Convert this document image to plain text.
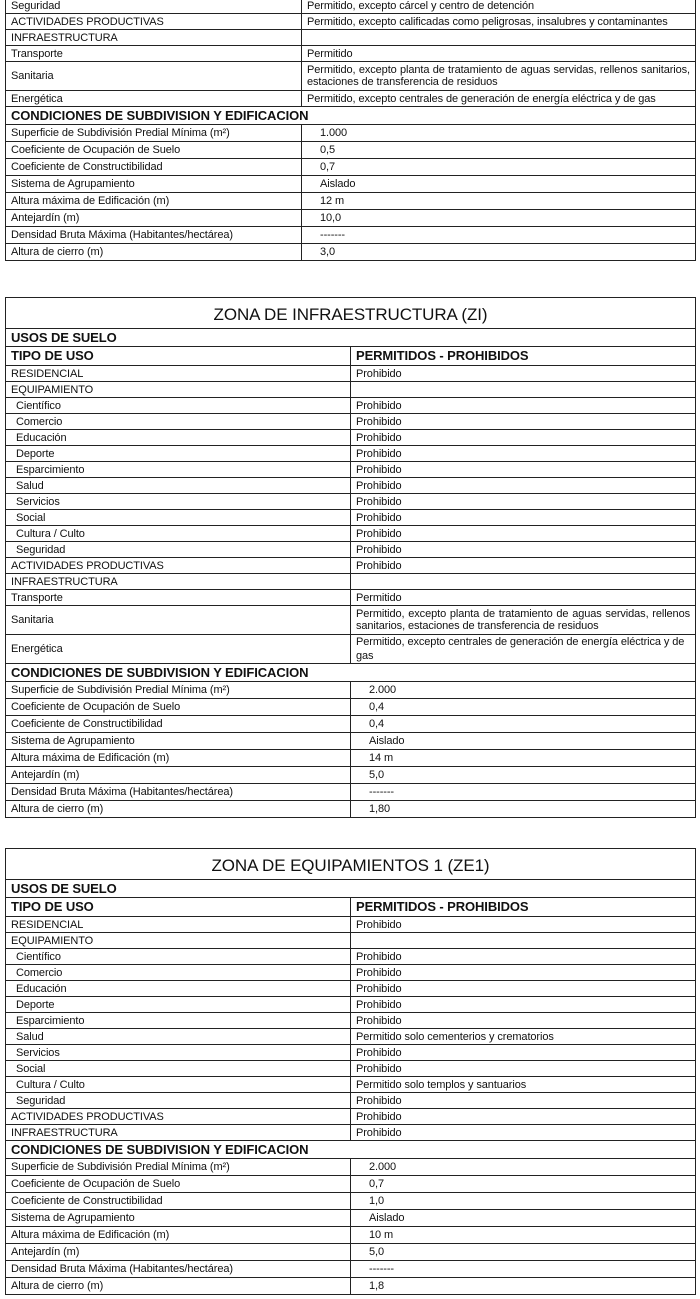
Seguridad	Permitido, excepto cárcel y centro de detención
ACTIVIDADES PRODUCTIVAS	Permitido, excepto calificadas como peligrosas, insalubres y contaminantes
INFRAESTRUCTURA	
Transporte	Permitido
Sanitaria	Permitido, excepto planta de tratamiento de aguas servidas, rellenos sanitarios, estaciones de transferencia de residuos
Energética	Permitido, excepto centrales de generación de energía eléctrica y de gas
CONDICIONES DE SUBDIVISION Y EDIFICACION	
Superficie de Subdivisión Predial Mínima (m²)	1.000
Coeficiente de Ocupación de Suelo	0,5
Coeficiente de Constructibilidad	0,7
Sistema de Agrupamiento	Aislado
Altura máxima de Edificación (m)	12 m
Antejardín (m)	10,0
Densidad Bruta Máxima (Habitantes/hectárea)	-------
Altura de cierro (m)	3,0
ZONA DE INFRAESTRUCTURA (ZI)	
USOS DE SUELO	
TIPO DE USO	PERMITIDOS - PROHIBIDOS
RESIDENCIAL	Prohibido
EQUIPAMIENTO	
Científico	Prohibido
Comercio	Prohibido
Educación	Prohibido
Deporte	Prohibido
Esparcimiento	Prohibido
Salud	Prohibido
Servicios	Prohibido
Social	Prohibido
Cultura / Culto	Prohibido
Seguridad	Prohibido
ACTIVIDADES PRODUCTIVAS	Prohibido
INFRAESTRUCTURA	
Transporte	Permitido
Sanitaria	Permitido, excepto planta de tratamiento de aguas servidas, rellenos sanitarios, estaciones de transferencia de residuos
Energética	Permitido, excepto centrales de generación de energía eléctrica y de gas
CONDICIONES DE SUBDIVISION Y EDIFICACION	
Superficie de Subdivisión Predial Mínima (m²)	2.000
Coeficiente de Ocupación de Suelo	0,4
Coeficiente de Constructibilidad	0,4
Sistema de Agrupamiento	Aislado
Altura máxima de Edificación (m)	14 m
Antejardín (m)	5,0
Densidad Bruta Máxima (Habitantes/hectárea)	-------
Altura de cierro (m)	1,80
ZONA DE EQUIPAMIENTOS 1 (ZE1)	
USOS DE SUELO	
TIPO DE USO	PERMITIDOS - PROHIBIDOS
RESIDENCIAL	Prohibido
EQUIPAMIENTO	
Científico	Prohibido
Comercio	Prohibido
Educación	Prohibido
Deporte	Prohibido
Esparcimiento	Prohibido
Salud	Permitido solo cementerios y crematorios
Servicios	Prohibido
Social	Prohibido
Cultura / Culto	Permitido solo templos y santuarios
Seguridad	Prohibido
ACTIVIDADES PRODUCTIVAS	Prohibido
INFRAESTRUCTURA	Prohibido
CONDICIONES DE SUBDIVISION Y EDIFICACION	
Superficie de Subdivisión Predial Mínima (m²)	2.000
Coeficiente de Ocupación de Suelo	0,7
Coeficiente de Constructibilidad	1,0
Sistema de Agrupamiento	Aislado
Altura máxima de Edificación (m)	10 m
Antejardín (m)	5,0
Densidad Bruta Máxima (Habitantes/hectárea)	-------
Altura de cierro (m)	1,8
